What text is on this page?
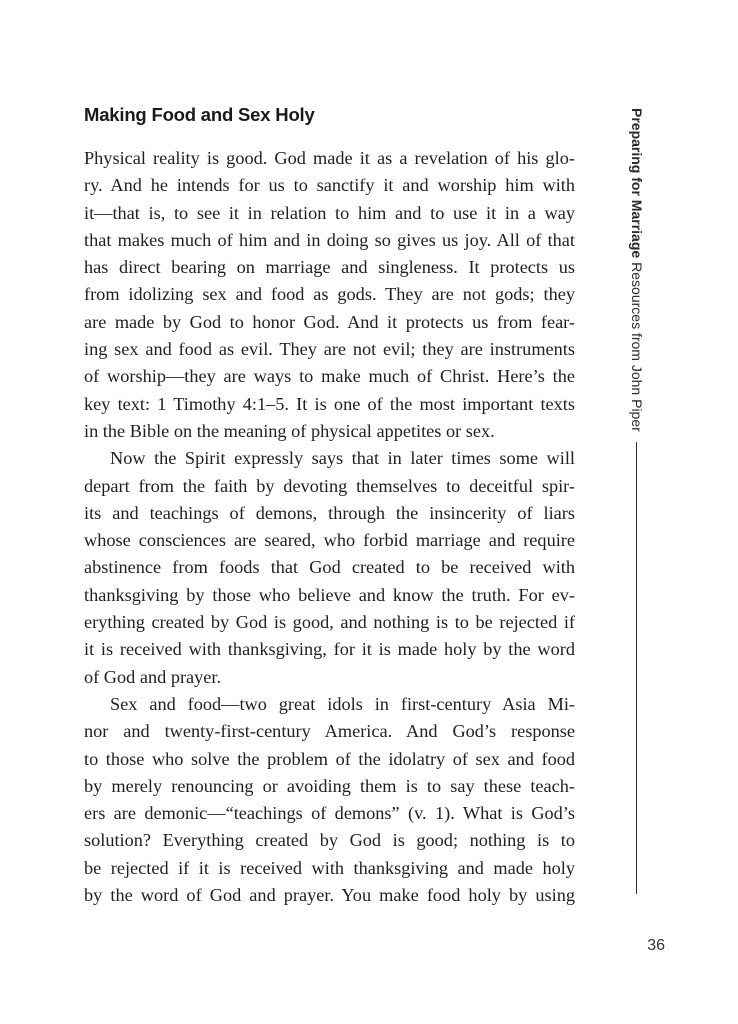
Making Food and Sex Holy
Physical reality is good. God made it as a revelation of his glo-
ry. And he intends for us to sanctify it and worship him with
it—that is, to see it in relation to him and to use it in a way
that makes much of him and in doing so gives us joy. All of that
has direct bearing on marriage and singleness. It protects us
from idolizing sex and food as gods. They are not gods; they
are made by God to honor God. And it protects us from fear-
ing sex and food as evil. They are not evil; they are instruments
of worship—they are ways to make much of Christ. Here’s the
key text: 1 Timothy 4:1–5. It is one of the most important texts
in the Bible on the meaning of physical appetites or sex.
Now the Spirit expressly says that in later times some will
depart from the faith by devoting themselves to deceitful spir-
its and teachings of demons, through the insincerity of liars
whose consciences are seared, who forbid marriage and require
abstinence from foods that God created to be received with
thanksgiving by those who believe and know the truth. For ev-
erything created by God is good, and nothing is to be rejected if
it is received with thanksgiving, for it is made holy by the word
of God and prayer.
Sex and food—two great idols in first-century Asia Mi-
nor and twenty-first-century America. And God’s response
to those who solve the problem of the idolatry of sex and food
by merely renouncing or avoiding them is to say these teach-
ers are demonic—“teachings of demons” (v. 1). What is God’s
solution? Everything created by God is good; nothing is to
be rejected if it is received with thanksgiving and made holy
by the word of God and prayer. You make food holy by using
Preparing for Marriage
Resources from John Piper
36
